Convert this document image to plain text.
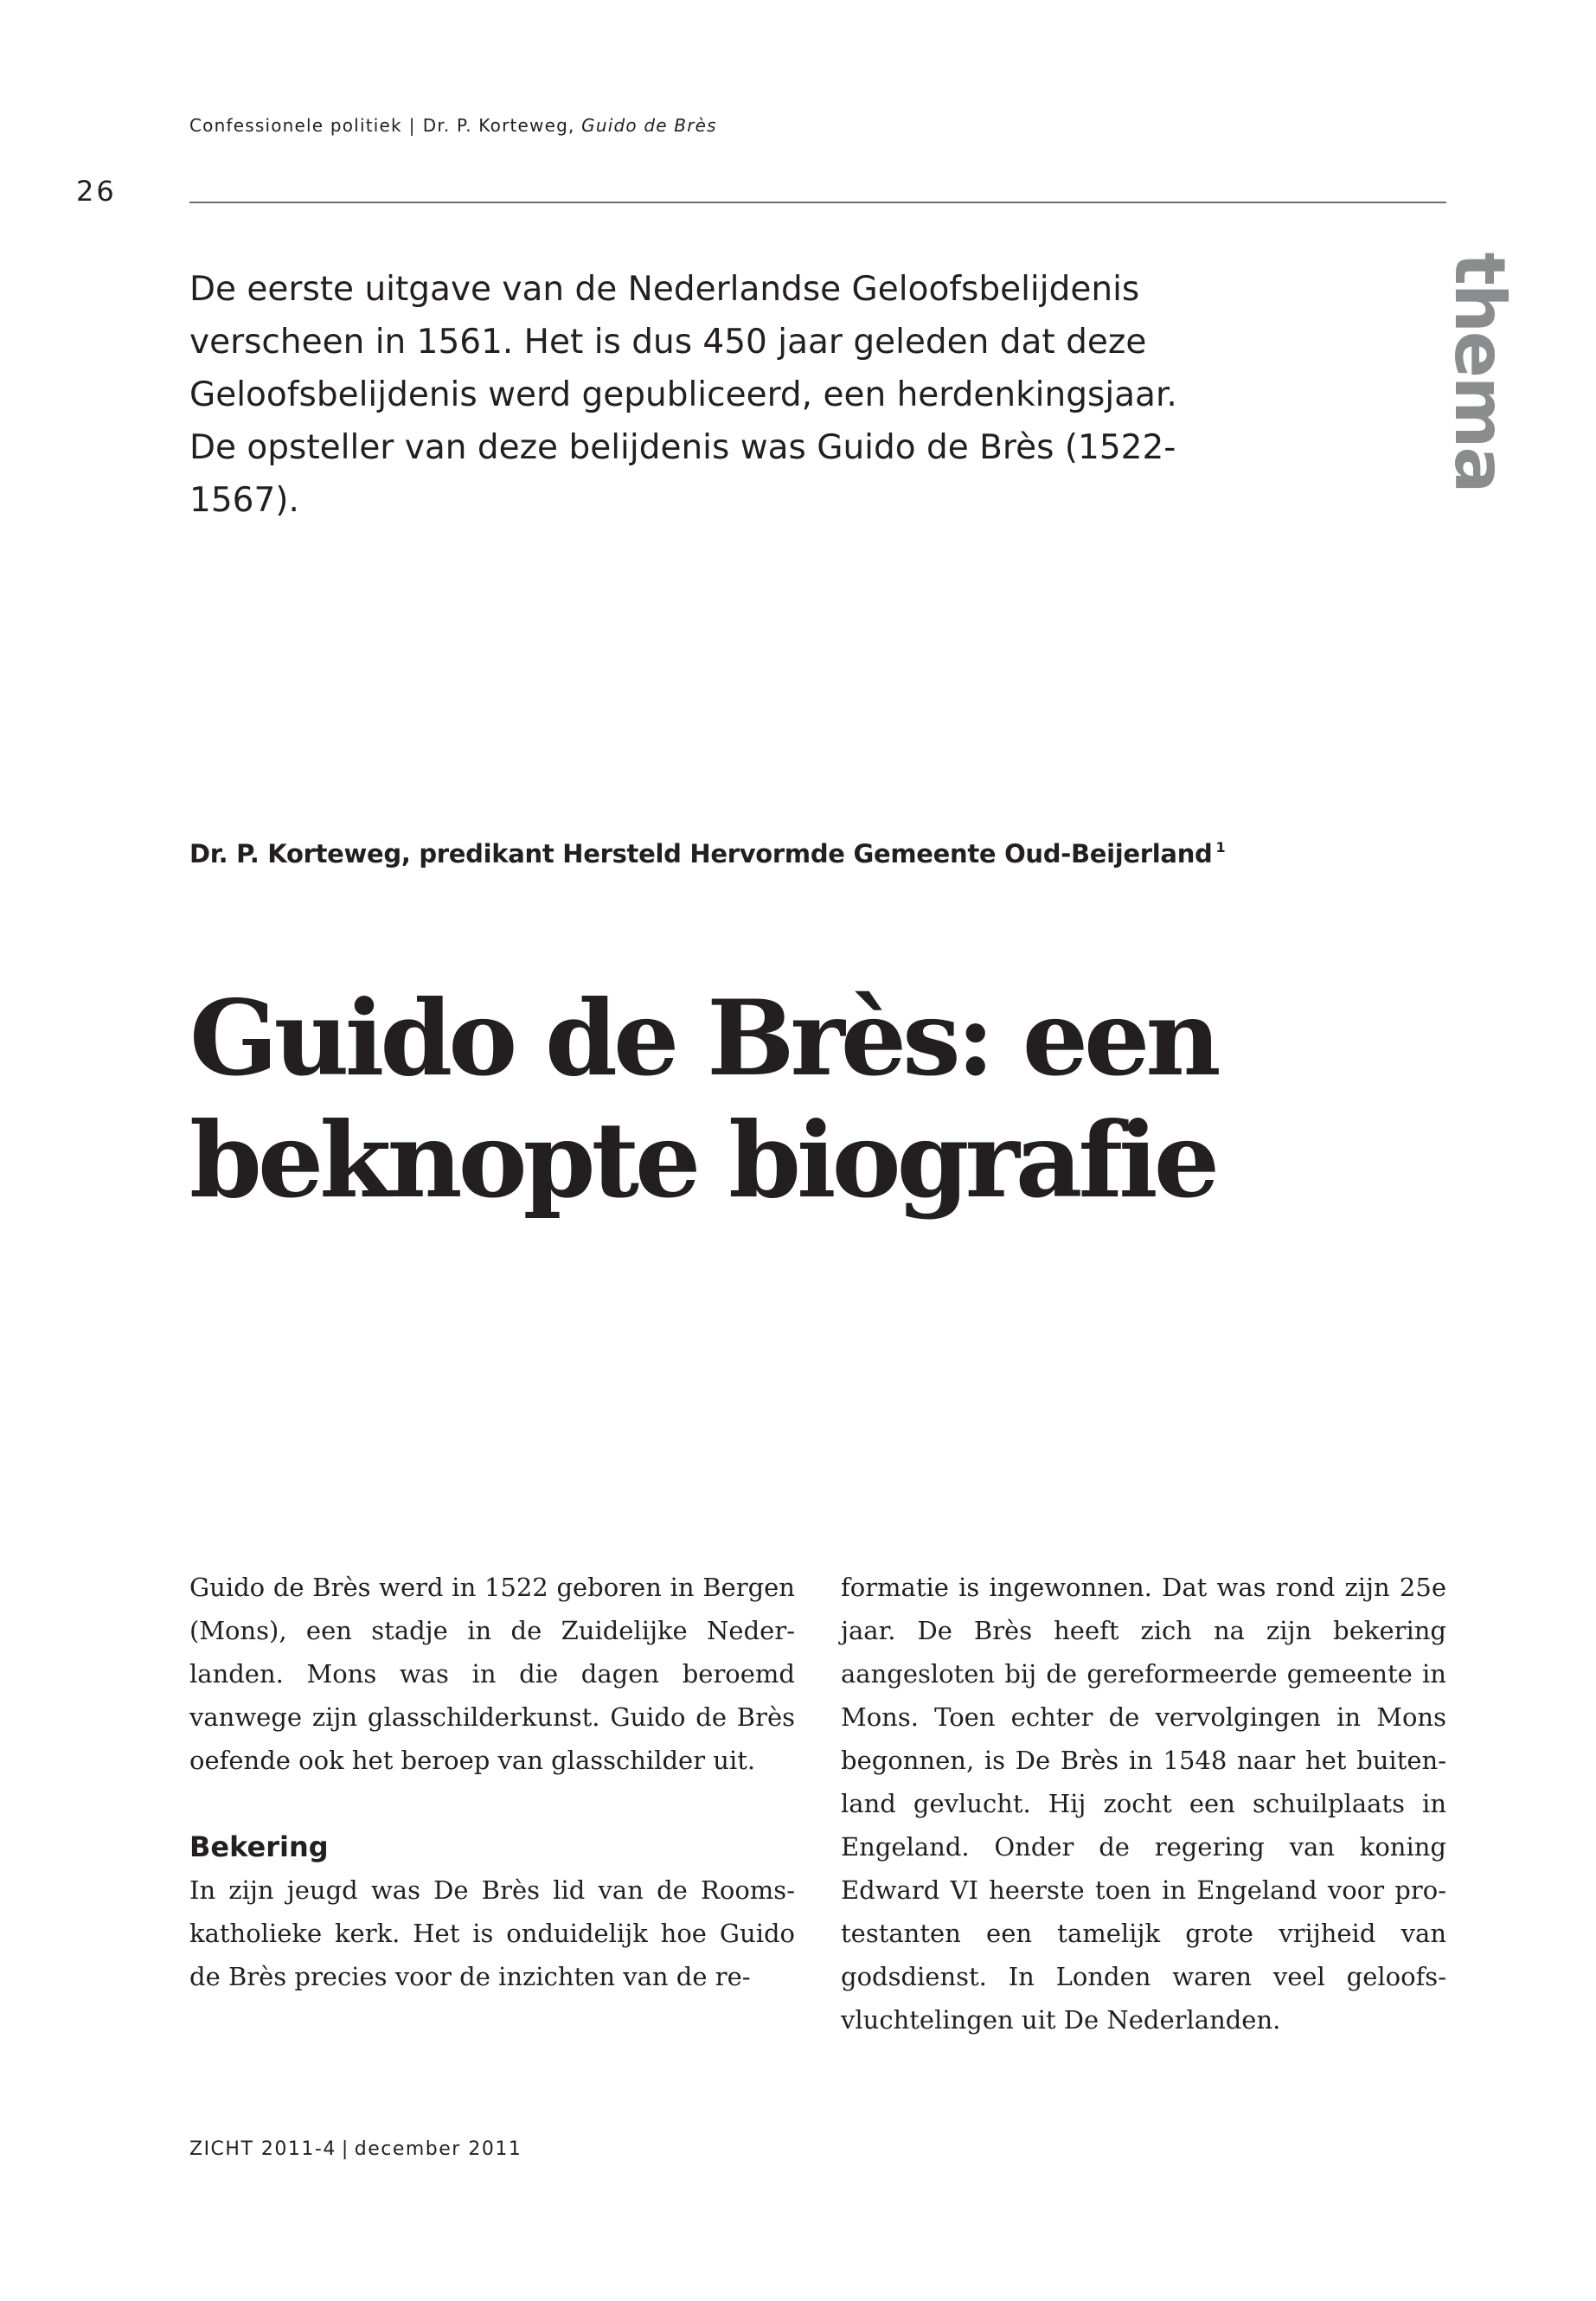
Confessionele politiek | Dr. P. Korteweg, Guido de Brès
26
thema

De eerste uitgave van de Nederlandse Geloofsbelijdenis verscheen in 1561. Het is dus 450 jaar geleden dat deze Geloofsbelijdenis werd gepubliceerd, een herdenkingsjaar. De opsteller van deze belijdenis was Guido de Brès (1522-1567).

Dr. P. Korteweg, predikant Hersteld Hervormde Gemeente Oud-Beijerland $^1$
Guido de Brès: een
beknopte biografie

Guido de Brès werd in 1522 geboren in Bergen (Mons), een stadje in de Zuidelijke Nederlanden. Mons was in die dagen beroemd vanwege zijn glasschilderkunst. Guido de Brès oefende ook het beroep van glasschilder uit.

Bekering

In zijn jeugd was De Brès lid van de Roomskatholieke kerk. Het is onduidelijk hoe Guido de Brès precies voor de inzichten van de re-

formatie is ingewonnen. Dat was rond zijn 25e jaar. De Brès heeft zich na zijn bekering aangesloten bij de gereformeerde gemeente in Mons. Toen echter de vervolgingen in Mons begonnen, is De Brès in 1548 naar het buitenland gevlucht. Hij zocht een schuilplaats in Engeland. Onder de regering van koning Edward VI heerste toen in Engeland voor protestanten een tamelijk grote vrijheid van godsdienst. In Londen waren veel geloofsvluchtelingen uit De Nederlanden.

ZICHT 2011-4 | december 2011
